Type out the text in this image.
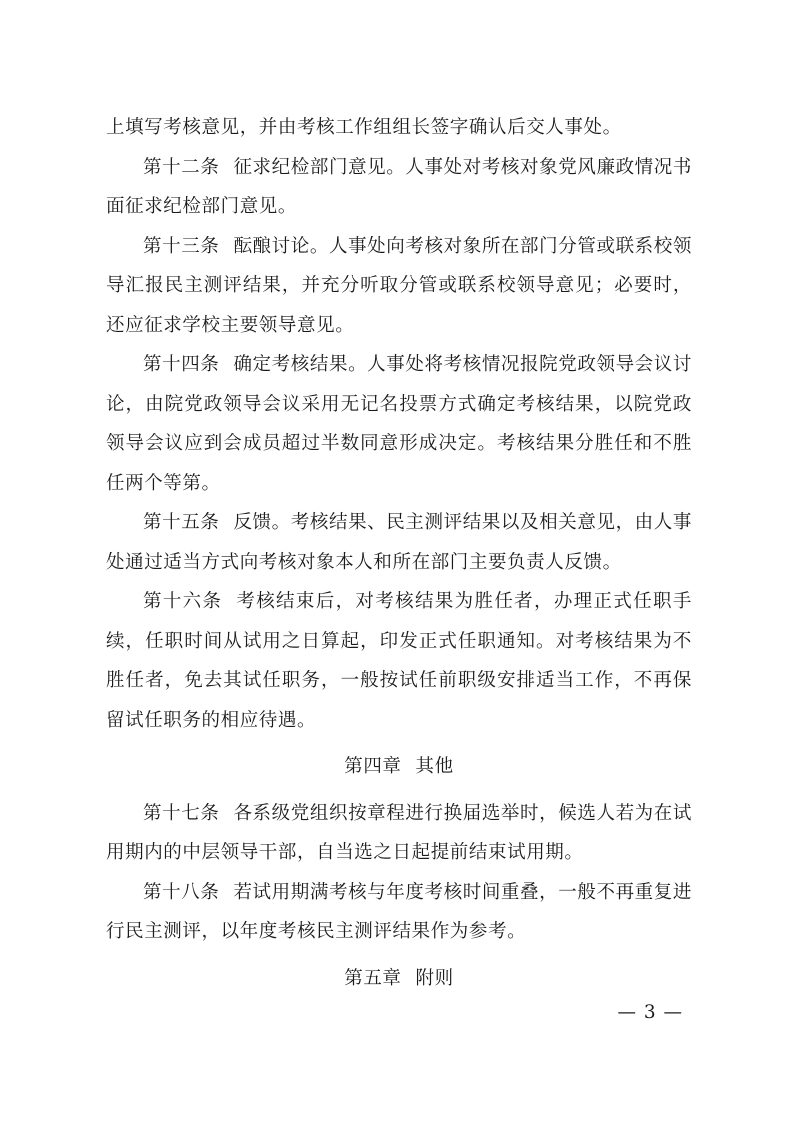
上填写考核意见，并由考核工作组组长签字确认后交人事处。

第十二条 征求纪检部门意见。人事处对考核对象党风廉政情况书面征求纪检部门意见。

第十三条 酝酿讨论。人事处向考核对象所在部门分管或联系校领导汇报民主测评结果，并充分听取分管或联系校领导意见；必要时，还应征求学校主要领导意见。

第十四条 确定考核结果。人事处将考核情况报院党政领导会议讨论，由院党政领导会议采用无记名投票方式确定考核结果，以院党政领导会议应到会成员超过半数同意形成决定。考核结果分胜任和不胜任两个等第。

第十五条 反馈。考核结果、民主测评结果以及相关意见，由人事处通过适当方式向考核对象本人和所在部门主要负责人反馈。

第十六条 考核结束后，对考核结果为胜任者，办理正式任职手续，任职时间从试用之日算起，印发正式任职通知。对考核结果为不胜任者，免去其试任职务，一般按试任前职级安排适当工作，不再保留试任职务的相应待遇。

第四章 其他

第十七条 各系级党组织按章程进行换届选举时，候选人若为在试用期内的中层领导干部，自当选之日起提前结束试用期。

第十八条 若试用期满考核与年度考核时间重叠，一般不再重复进行民主测评，以年度考核民主测评结果作为参考。

第五章 附则

— 3 —
